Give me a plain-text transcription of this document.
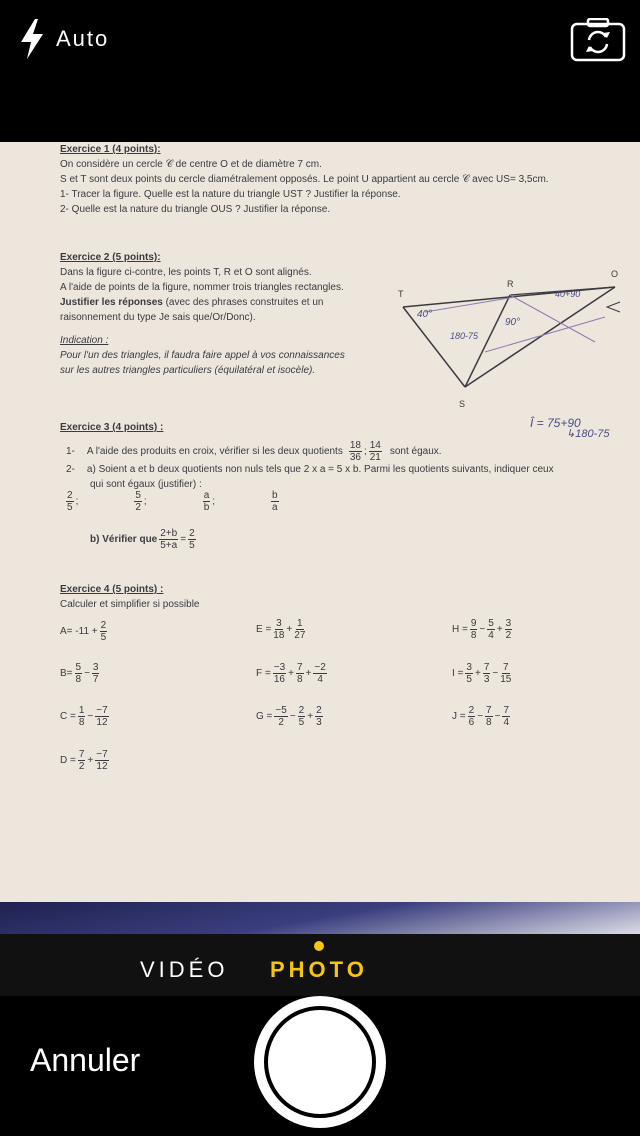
Auto
Exercice 1 (4 points):
On considère un cercle 𝒞 de centre O et de diamètre 7 cm.
S et T sont deux points du cercle diamétralement opposés. Le point U appartient au cercle 𝒞 avec US= 3,5cm.
1- Tracer la figure. Quelle est la nature du triangle UST ? Justifier la réponse.
2- Quelle est la nature du triangle OUS ? Justifier la réponse.
Exercice 2 (5 points):
Dans la figure ci-contre, les points T, R et O sont alignés.
A l'aide de points de la figure, nommer trois triangles rectangles.
Justifier les réponses (avec des phrases construites et un
raisonnement du type Je sais que/Or/Donc).
Indication :
Pour l'un des triangles, il faudra faire appel à vos connaissances
sur les autres triangles particuliers (équilatéral et isocèle).
T
R
O
S
40°
180-75
90°
40+90
Î = 75+90
↳180-75
Exercice 3 (4 points) :
1- A l'aide des produits en croix, vérifier si les deux quotients $\frac{18}{36}$ ; $\frac{14}{21}$ sont égaux.
2- a) Soient a et b deux quotients non nuls tels que 2 x a = 5 x b. Parmi les quotients suivants, indiquer ceux
qui sont égaux (justifier) :
$\frac{2}{5}$ ;	$\frac{5}{2}$ ;	$\frac{a}{b}$ ;	$\frac{b}{a}$
b) Vérifier que $\frac{2+b}{5+a} = \frac{2}{5}$
Exercice 4 (5 points) :
Calculer et simplifier si possible
$A= -11 + \frac{2}{5}$
$B= \frac{5}{8} - \frac{3}{7}$
$C = \frac{1}{8} - \frac{-7}{12}$
$D = \frac{7}{2} + \frac{-7}{12}$
$E = \frac{3}{18} + \frac{1}{27}$
$F = \frac{-3}{16} + \frac{7}{8} + \frac{-2}{4}$
$G = \frac{-5}{2} - \frac{2}{5} + \frac{2}{3}$
$H = \frac{9}{8} - \frac{5}{4} + \frac{3}{2}$
$I = \frac{3}{5} + \frac{7}{3} - \frac{7}{15}$
$J = \frac{2}{6} - \frac{7}{8} - \frac{7}{4}$
VIDÉO PHOTO
Annuler
